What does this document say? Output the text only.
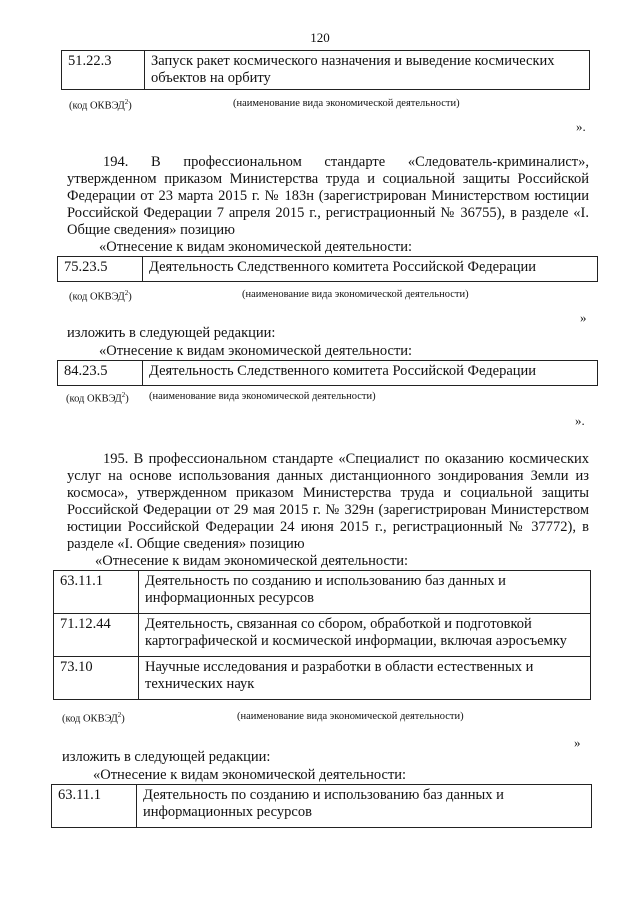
120
51.22.3	Запуск ракет космического назначения и выведение космических объектов на орбиту
(код ОКВЭД$^2$)	(наименование вида экономической деятельности)
».
194. В профессиональном стандарте «Следователь-криминалист», утвержденном приказом Министерства труда и социальной защиты Российской Федерации от 23 марта 2015 г. № 183н (зарегистрирован Министерством юстиции Российской Федерации 7 апреля 2015 г., регистрационный № 36755), в разделе «I. Общие сведения» позицию
«Отнесение к видам экономической деятельности:
75.23.5	Деятельность Следственного комитета Российской Федерации
(код ОКВЭД$^2$)	(наименование вида экономической деятельности)
»
изложить в следующей редакции:
«Отнесение к видам экономической деятельности:
84.23.5	Деятельность Следственного комитета Российской Федерации
(код ОКВЭД$^2$) (наименование вида экономической деятельности)
».
195. В профессиональном стандарте «Специалист по оказанию космических услуг на основе использования данных дистанционного зондирования Земли из космоса», утвержденном приказом Министерства труда и социальной защиты Российской Федерации от 29 мая 2015 г. № 329н (зарегистрирован Министерством юстиции Российской Федерации 24 июня 2015 г., регистрационный № 37772), в разделе «I. Общие сведения» позицию
«Отнесение к видам экономической деятельности:
63.11.1	Деятельность по созданию и использованию баз данных и информационных ресурсов
71.12.44	Деятельность, связанная со сбором, обработкой и подготовкой картографической и космической информации, включая аэросъемку
73.10	Научные исследования и разработки в области естественных и технических наук
(код ОКВЭД$^2$)	(наименование вида экономической деятельности)
»
изложить в следующей редакции:
«Отнесение к видам экономической деятельности:
63.11.1	Деятельность по созданию и использованию баз данных и информационных ресурсов
